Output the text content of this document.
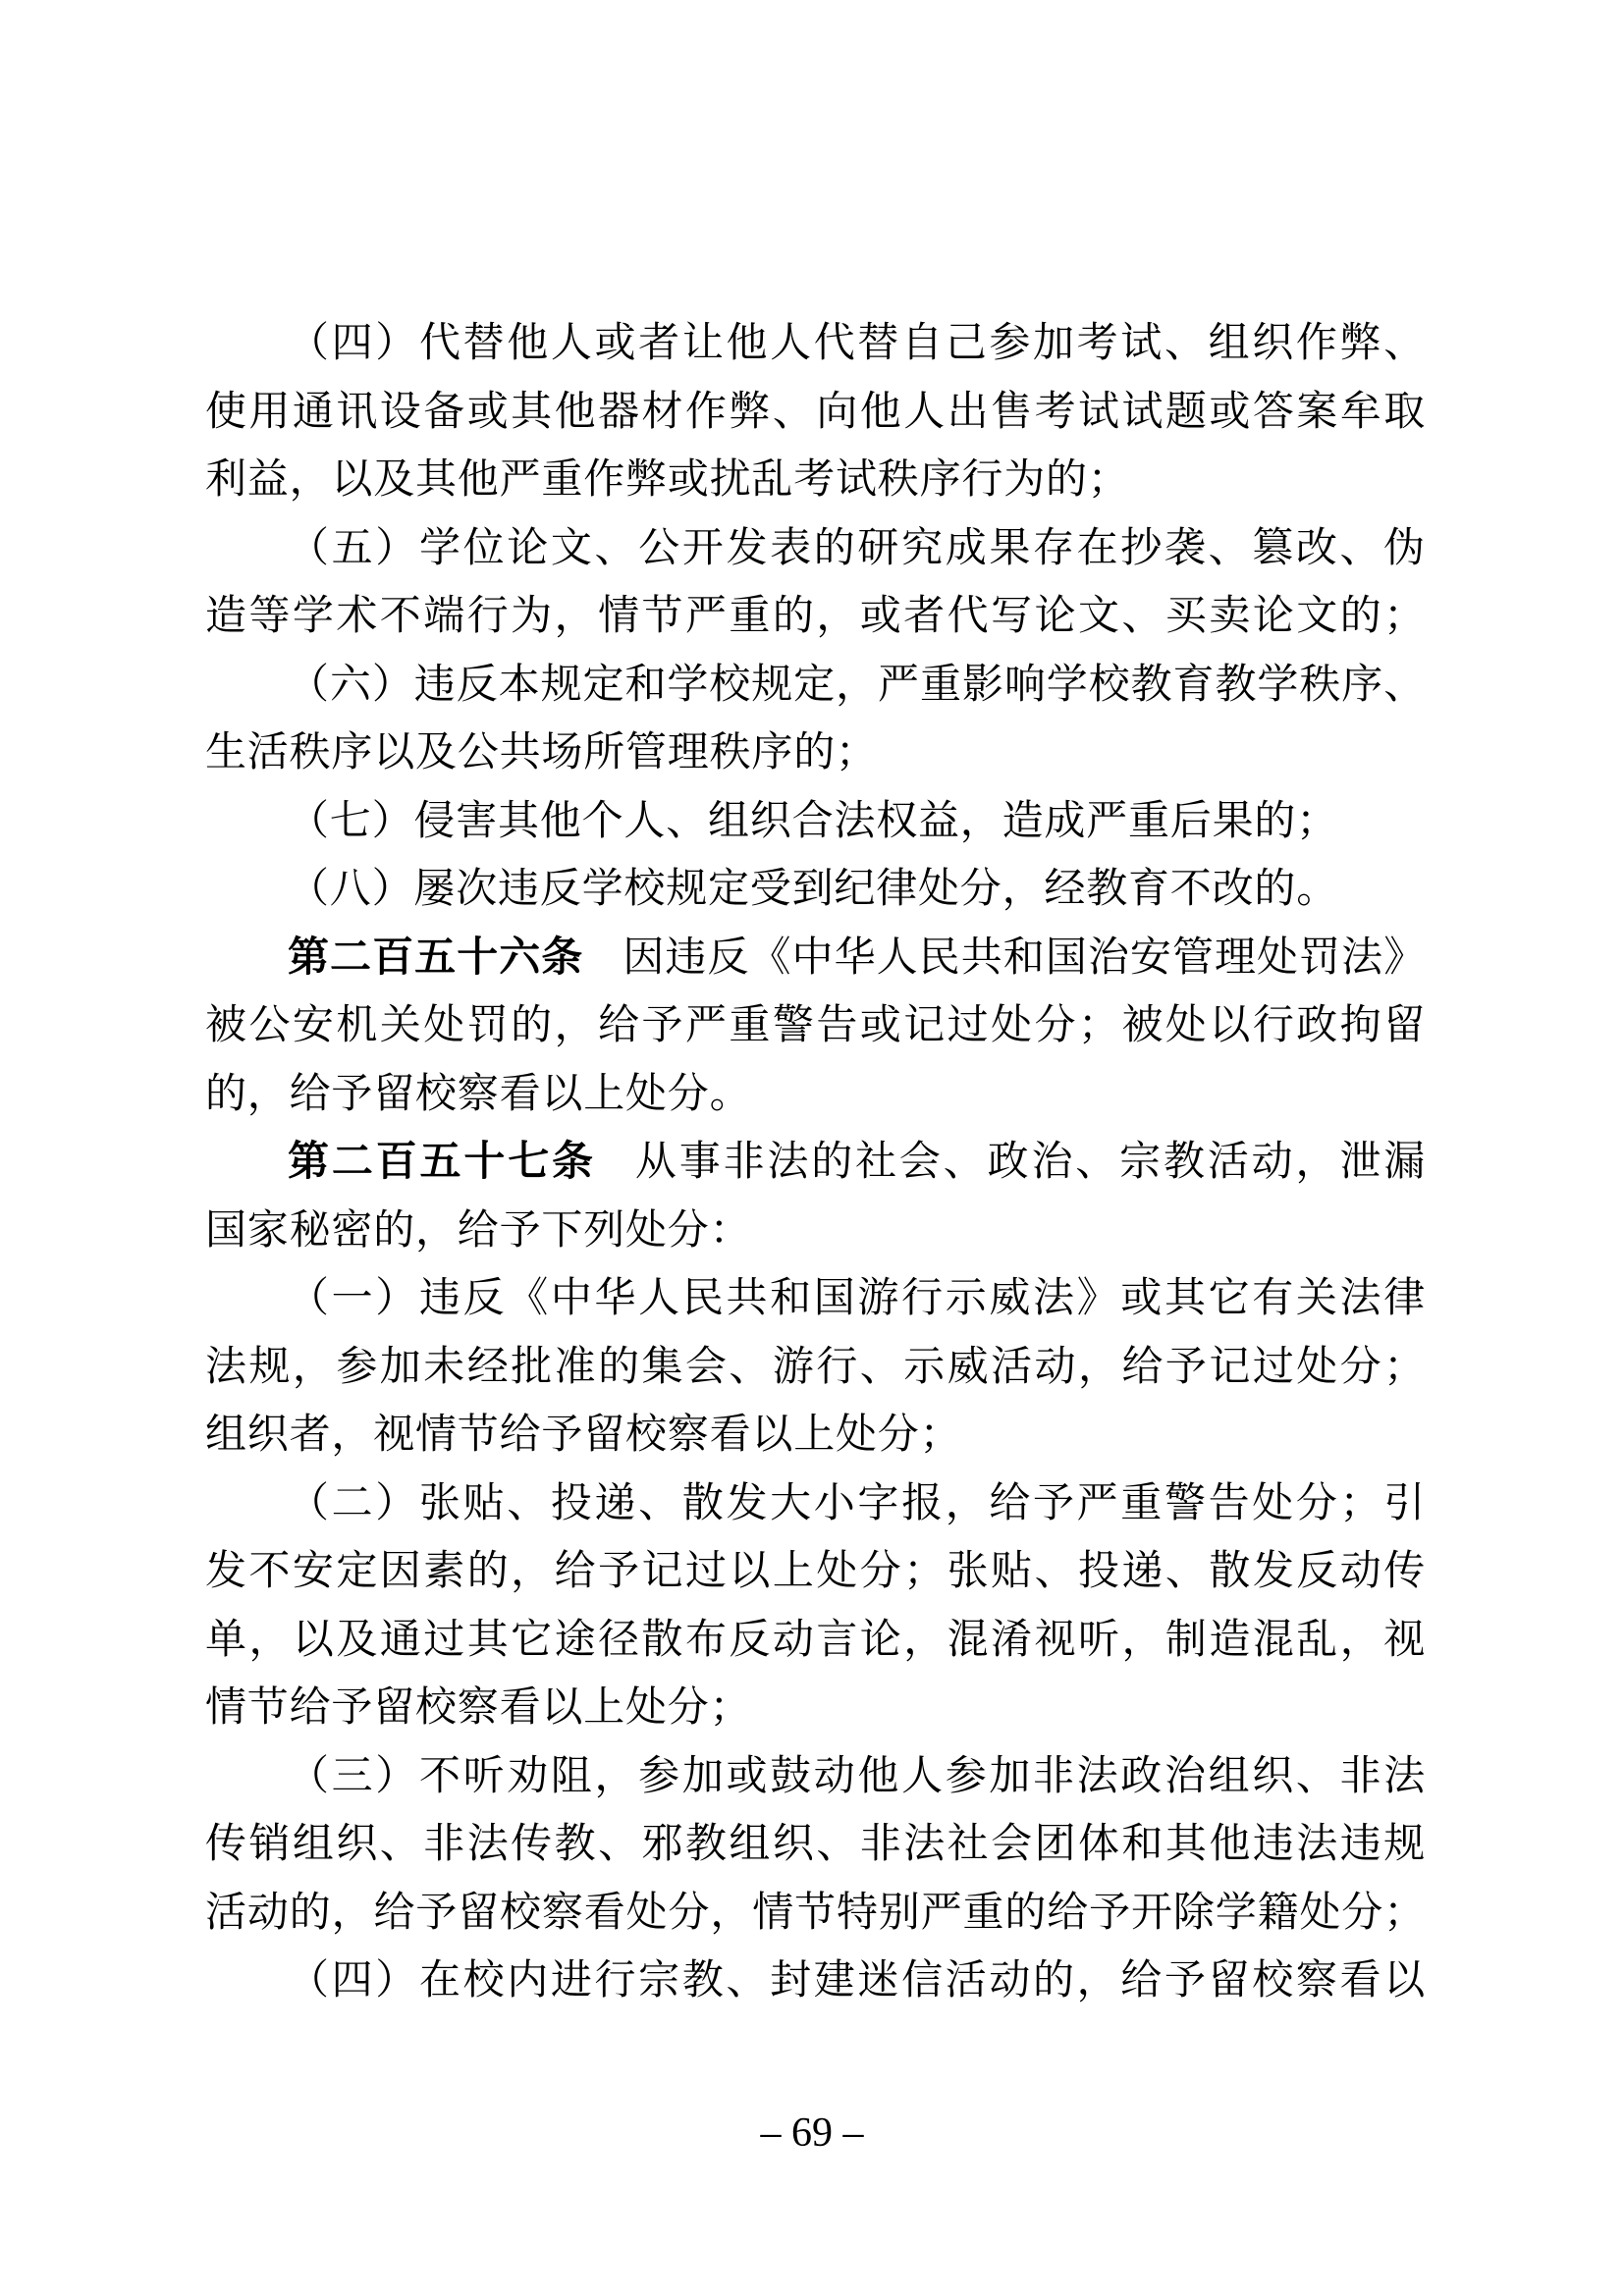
（四）代替他人或者让他人代替自己参加考试、组织作弊、
使用通讯设备或其他器材作弊、向他人出售考试试题或答案牟取
利益，以及其他严重作弊或扰乱考试秩序行为的；
（五）学位论文、公开发表的研究成果存在抄袭、篡改、伪
造等学术不端行为，情节严重的，或者代写论文、买卖论文的；
（六）违反本规定和学校规定，严重影响学校教育教学秩序、
生活秩序以及公共场所管理秩序的；
（七）侵害其他个人、组织合法权益，造成严重后果的；
（八）屡次违反学校规定受到纪律处分，经教育不改的。
第二百五十六条 因违反《中华人民共和国治安管理处罚法》
被公安机关处罚的，给予严重警告或记过处分；被处以行政拘留
的，给予留校察看以上处分。
第二百五十七条 从事非法的社会、政治、宗教活动，泄漏
国家秘密的，给予下列处分：
（一）违反《中华人民共和国游行示威法》或其它有关法律
法规，参加未经批准的集会、游行、示威活动，给予记过处分；
组织者，视情节给予留校察看以上处分；
（二）张贴、投递、散发大小字报，给予严重警告处分；引
发不安定因素的，给予记过以上处分；张贴、投递、散发反动传
单，以及通过其它途径散布反动言论，混淆视听，制造混乱，视
情节给予留校察看以上处分；
（三）不听劝阻，参加或鼓动他人参加非法政治组织、非法
传销组织、非法传教、邪教组织、非法社会团体和其他违法违规
活动的，给予留校察看处分，情节特别严重的给予开除学籍处分；
（四）在校内进行宗教、封建迷信活动的，给予留校察看以
– 69 –
